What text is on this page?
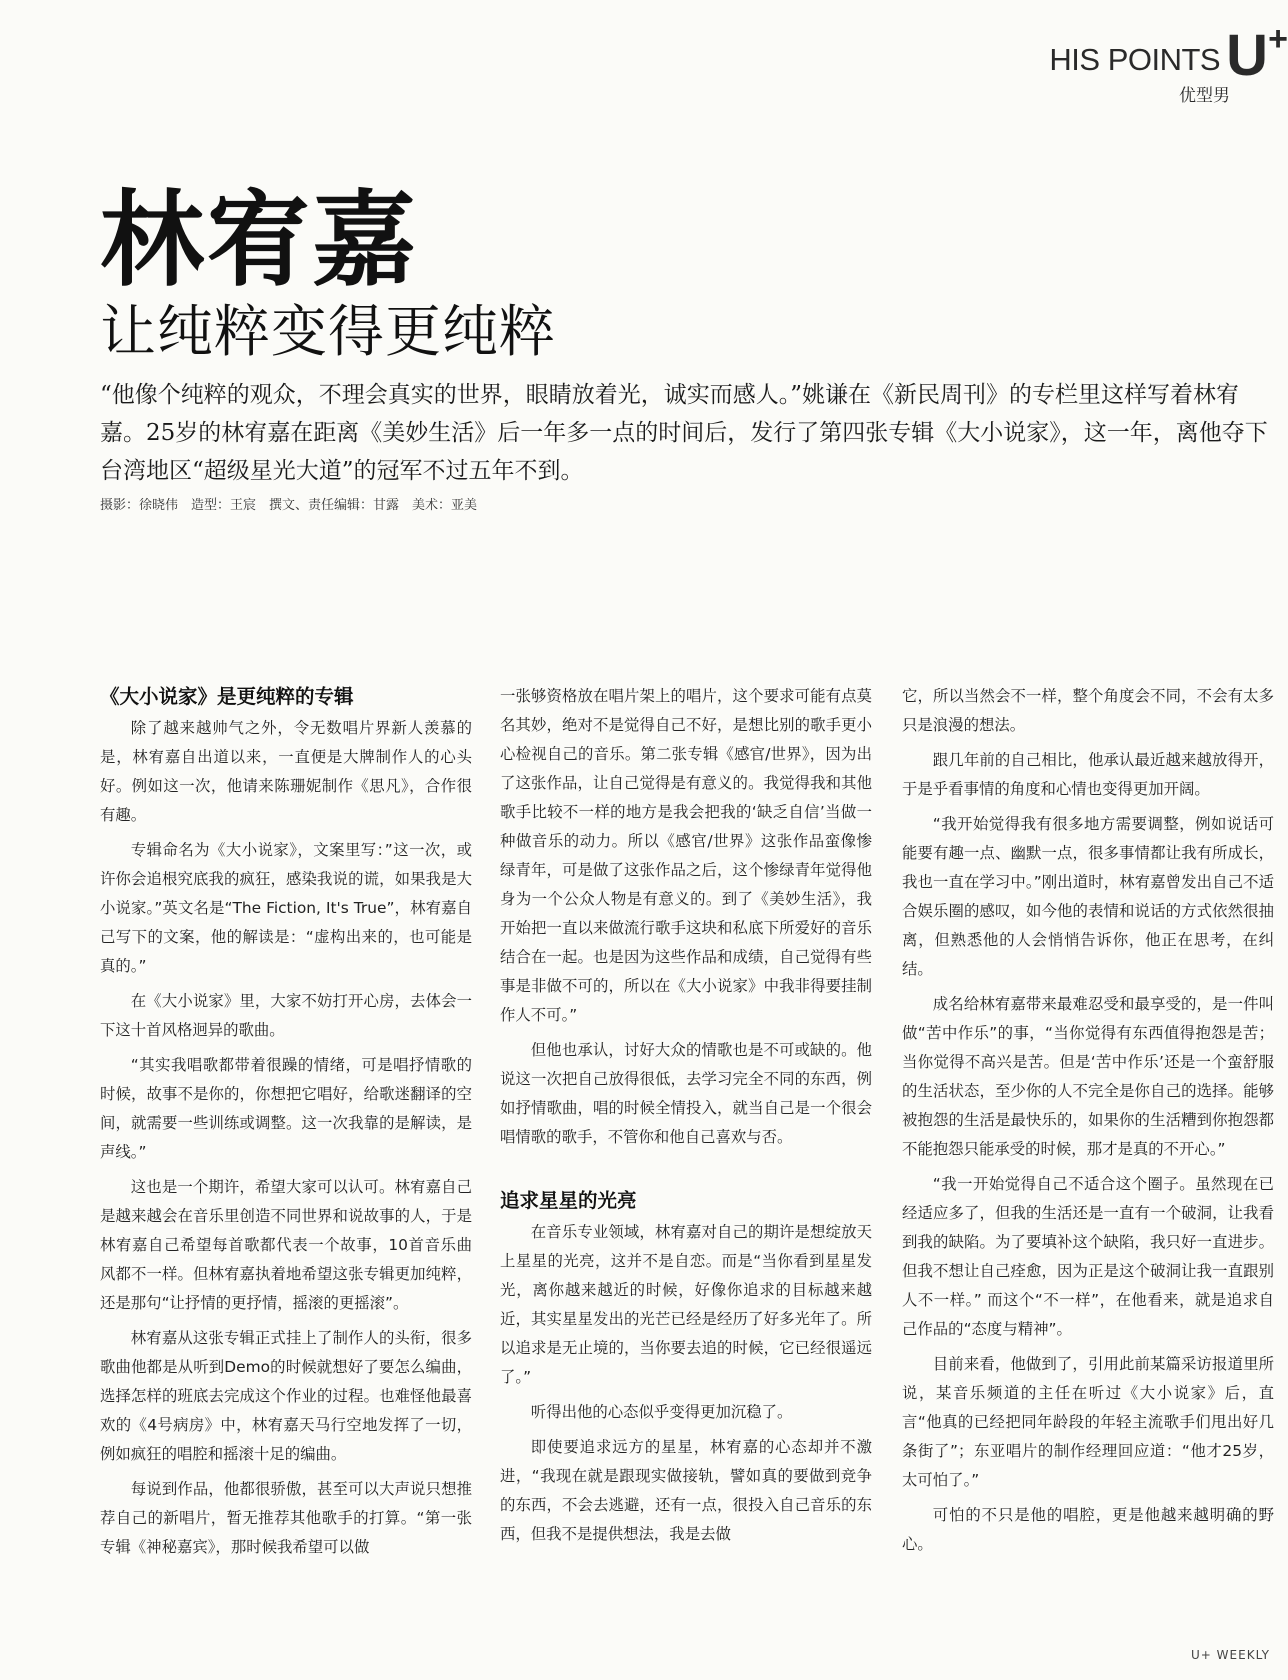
HIS POINTS U +
优型男
林宥嘉
让纯粹变得更纯粹

“他像个纯粹的观众，不理会真实的世界，眼睛放着光，诚实而感人。”姚谦在《新民周刊》的专栏里这样写着林宥嘉。25岁的林宥嘉在距离《美妙生活》后一年多一点的时间后，发行了第四张专辑《大小说家》，这一年，离他夺下台湾地区“超级星光大道”的冠军不过五年不到。

摄影：徐晓伟　造型：王宸　撰文、责任编辑：甘露　美术：亚美
《大小说家》是更纯粹的专辑

除了越来越帅气之外，令无数唱片界新人羡慕的是，林宥嘉自出道以来，一直便是大牌制作人的心头好。例如这一次，他请来陈珊妮制作《思凡》，合作很有趣。

专辑命名为《大小说家》，文案里写：”这一次，或许你会追根究底我的疯狂，感染我说的谎，如果我是大小说家。”英文名是“The Fiction, It's True”，林宥嘉自己写下的文案，他的解读是：“虚构出来的，也可能是真的。”

在《大小说家》里，大家不妨打开心房，去体会一下这十首风格迥异的歌曲。

“其实我唱歌都带着很躁的情绪，可是唱抒情歌的时候，故事不是你的，你想把它唱好，给歌迷翻译的空间，就需要一些训练或调整。这一次我靠的是解读，是声线。”

这也是一个期许，希望大家可以认可。林宥嘉自己是越来越会在音乐里创造不同世界和说故事的人，于是林宥嘉自己希望每首歌都代表一个故事，10首音乐曲风都不一样。但林宥嘉执着地希望这张专辑更加纯粹，还是那句“让抒情的更抒情，摇滚的更摇滚”。

林宥嘉从这张专辑正式挂上了制作人的头衔，很多歌曲他都是从听到Demo的时候就想好了要怎么编曲，选择怎样的班底去完成这个作业的过程。也难怪他最喜欢的《4号病房》中，林宥嘉天马行空地发挥了一切，例如疯狂的唱腔和摇滚十足的编曲。

每说到作品，他都很骄傲，甚至可以大声说只想推荐自己的新唱片，暂无推荐其他歌手的打算。“第一张专辑《神秘嘉宾》，那时候我希望可以做

一张够资格放在唱片架上的唱片，这个要求可能有点莫名其妙，绝对不是觉得自己不好，是想比别的歌手更小心检视自己的音乐。第二张专辑《感官/世界》，因为出了这张作品，让自己觉得是有意义的。我觉得我和其他歌手比较不一样的地方是我会把我的‘缺乏自信’当做一种做音乐的动力。所以《感官/世界》这张作品蛮像惨绿青年，可是做了这张作品之后，这个惨绿青年觉得他身为一个公众人物是有意义的。到了《美妙生活》，我开始把一直以来做流行歌手这块和私底下所爱好的音乐结合在一起。也是因为这些作品和成绩，自己觉得有些事是非做不可的，所以在《大小说家》中我非得要挂制作人不可。”

但他也承认，讨好大众的情歌也是不可或缺的。他说这一次把自己放得很低，去学习完全不同的东西，例如抒情歌曲，唱的时候全情投入，就当自己是一个很会唱情歌的歌手，不管你和他自己喜欢与否。

追求星星的光亮

在音乐专业领域，林宥嘉对自己的期许是想绽放天上星星的光亮，这并不是自恋。而是“当你看到星星发光，离你越来越近的时候，好像你追求的目标越来越近，其实星星发出的光芒已经是经历了好多光年了。所以追求是无止境的，当你要去追的时候，它已经很遥远了。”

听得出他的心态似乎变得更加沉稳了。

即使要追求远方的星星，林宥嘉的心态却并不激进，“我现在就是跟现实做接轨，譬如真的要做到竞争的东西，不会去逃避，还有一点，很投入自己音乐的东西，但我不是提供想法，我是去做

它，所以当然会不一样，整个角度会不同，不会有太多只是浪漫的想法。

跟几年前的自己相比，他承认最近越来越放得开，于是乎看事情的角度和心情也变得更加开阔。

“我开始觉得我有很多地方需要调整，例如说话可能要有趣一点、幽默一点，很多事情都让我有所成长，我也一直在学习中。”刚出道时，林宥嘉曾发出自己不适合娱乐圈的感叹，如今他的表情和说话的方式依然很抽离，但熟悉他的人会悄悄告诉你，他正在思考，在纠结。

成名给林宥嘉带来最难忍受和最享受的，是一件叫做“苦中作乐”的事，“当你觉得有东西值得抱怨是苦；当你觉得不高兴是苦。但是‘苦中作乐’还是一个蛮舒服的生活状态，至少你的人不完全是你自己的选择。能够被抱怨的生活是最快乐的，如果你的生活糟到你抱怨都不能抱怨只能承受的时候，那才是真的不开心。”

“我一开始觉得自己不适合这个圈子。虽然现在已经适应多了，但我的生活还是一直有一个破洞，让我看到我的缺陷。为了要填补这个缺陷，我只好一直进步。但我不想让自己痊愈，因为正是这个破洞让我一直跟别人不一样。” 而这个“不一样”，在他看来，就是追求自己作品的“态度与精神”。

目前来看，他做到了，引用此前某篇采访报道里所说，某音乐频道的主任在听过《大小说家》后，直言“他真的已经把同年龄段的年轻主流歌手们甩出好几条街了”；东亚唱片的制作经理回应道：“他才25岁，太可怕了。”

可怕的不只是他的唱腔，更是他越来越明确的野心。

U+ WEEKLY
